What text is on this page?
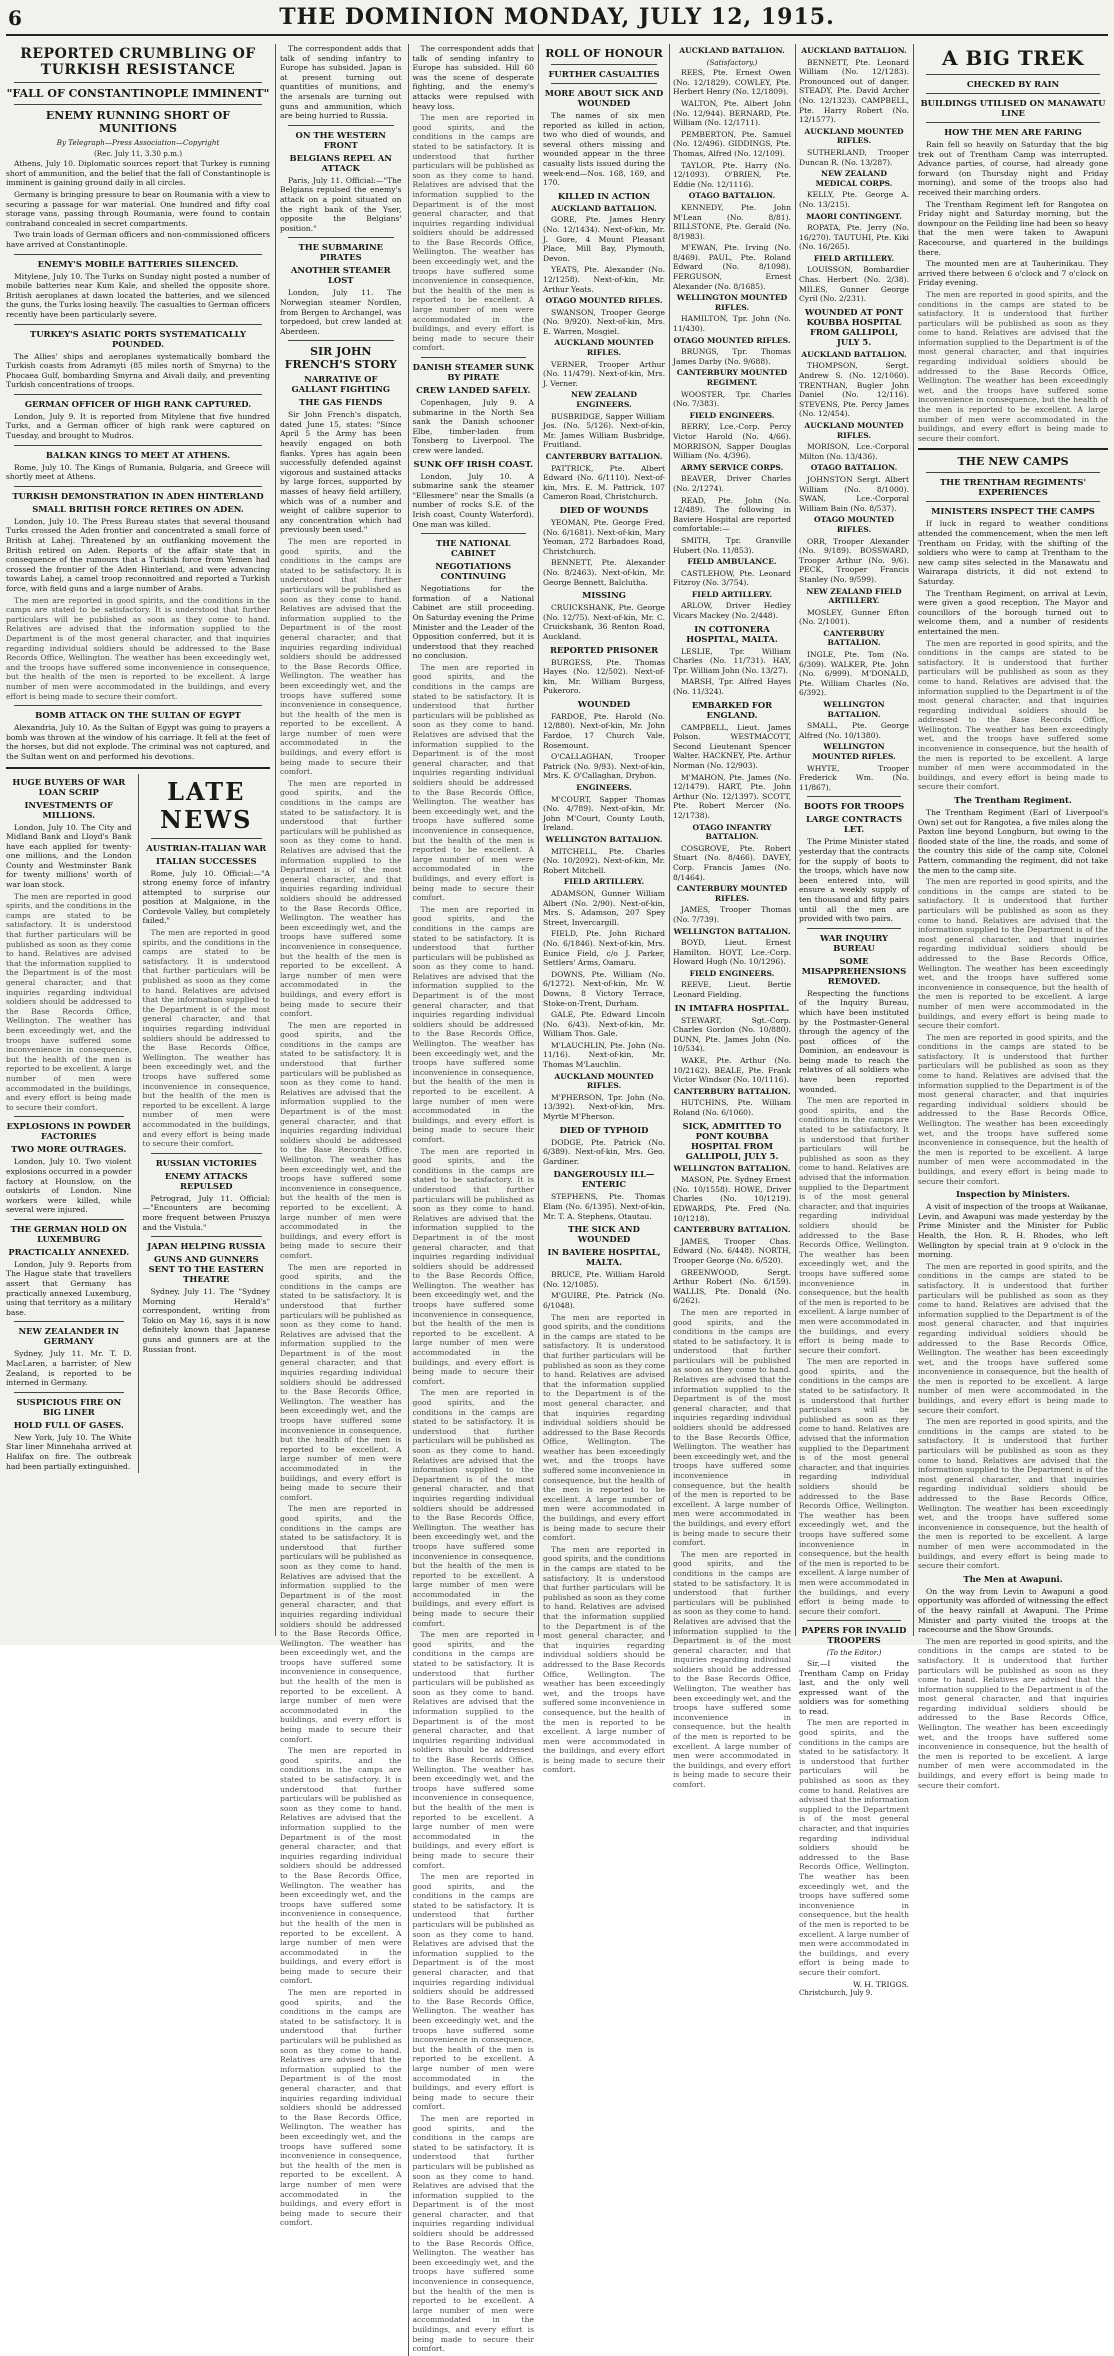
6	THE DOMINION MONDAY, JULY 12, 1915.
REPORTED CRUMBLING OF TURKISH RESISTANCE
"FALL OF CONSTANTINOPLE IMMINENT"
ENEMY RUNNING SHORT OF MUNITIONS
By Telegraph—Press Association—Copyright
(Rec. July 11, 3.30 p.m.)

Athens, July 10. Diplomatic sources report that Turkey is running short of ammunition, and the belief that the fall of Constantinople is imminent is gaining ground daily in all circles.

Germany is bringing pressure to bear on Roumania with a view to securing a passage for war material. One hundred and fifty coal storage vans, passing through Roumania, were found to contain contraband concealed in secret compartments.

Two train loads of German officers and non-commissioned officers have arrived at Constantinople.

ENEMY'S MOBILE BATTERIES SILENCED.

Mitylene, July 10. The Turks on Sunday night posted a number of mobile batteries near Kum Kale, and shelled the opposite shore. British aeroplanes at dawn located the batteries, and we silenced the guns, the Turks losing heavily. The casualties to German officers recently have been particularly severe.

TURKEY'S ASIATIC PORTS SYSTEMATICALLY POUNDED.

The Allies' ships and aeroplanes systematically bombard the Turkish coasts from Adramyti (85 miles north of Smyrna) to the Phocaea Gulf, bombarding Smyrna and Aivali daily, and preventing Turkish concentrations of troops.

GERMAN OFFICER OF HIGH RANK CAPTURED.

London, July 9. It is reported from Mitylene that five hundred Turks, and a German officer of high rank were captured on Tuesday, and brought to Mudros.

BALKAN KINGS TO MEET AT ATHENS.

Rome, July 10. The Kings of Rumania, Bulgaria, and Greece will shortly meet at Athens.

TURKISH DEMONSTRATION IN ADEN HINTERLAND
SMALL BRITISH FORCE RETIRES ON ADEN.

London, July 10. The Press Bureau states that several thousand Turks crossed the Aden frontier and concentrated a small force of British at Lahej. Threatened by an outflanking movement the British retired on Aden. Reports of the affair state that in consequence of the rumours that a Turkish force from Yemen had crossed the frontier of the Aden Hinterland, and were advancing towards Lahej, a camel troop reconnoitred and reported a Turkish force, with field guns and a large number of Arabs.

The men are reported in good spirits, and the conditions in the camps are stated to be satisfactory. It is understood that further particulars will be published as soon as they come to hand. Relatives are advised that the information supplied to the Department is of the most general character, and that inquiries regarding individual soldiers should be addressed to the Base Records Office, Wellington. The weather has been exceedingly wet, and the troops have suffered some inconvenience in consequence, but the health of the men is reported to be excellent. A large number of men were accommodated in the buildings, and every effort is being made to secure their comfort.

BOMB ATTACK ON THE SULTAN OF EGYPT

Alexandria, July 10. As the Sultan of Egypt was going to prayers a bomb was thrown at the window of his carriage. It fell at the feet of the horses, but did not explode. The criminal was not captured, and the Sultan went on and performed his devotions.

HUGE BUYERS OF WAR LOAN SCRIP
INVESTMENTS OF MILLIONS.

London, July 10. The City and Midland Bank and Lloyd's Bank have each applied for twenty-one millions, and the London County and Westminster Bank for twenty millions' worth of war loan stock.

The men are reported in good spirits, and the conditions in the camps are stated to be satisfactory. It is understood that further particulars will be published as soon as they come to hand. Relatives are advised that the information supplied to the Department is of the most general character, and that inquiries regarding individual soldiers should be addressed to the Base Records Office, Wellington. The weather has been exceedingly wet, and the troops have suffered some inconvenience in consequence, but the health of the men is reported to be excellent. A large number of men were accommodated in the buildings, and every effort is being made to secure their comfort.

EXPLOSIONS IN POWDER FACTORIES
TWO MORE OUTRAGES.

London, July 10. Two violent explosions occurred in a powder factory at Hounslow, on the outskirts of London. Nine workers were killed, while several were injured.

THE GERMAN HOLD ON LUXEMBURG
PRACTICALLY ANNEXED.

London, July 9. Reports from The Hague state that travellers assert that Germany has practically annexed Luxemburg, using that territory as a military base.

NEW ZEALANDER IN GERMANY

Sydney, July 11. Mr. T. D. MacLaren, a barrister, of New Zealand, is reported to be interned in Germany.

SUSPICIOUS FIRE ON BIG LINER
HOLD FULL OF GASES.

New York, July 10. The White Star liner Minnehaha arrived at Halifax on fire. The outbreak had been partially extinguished.

LATE NEWS
AUSTRIAN-ITALIAN WAR
ITALIAN SUCCESSES

Rome, July 10. Official:—"A strong enemy force of infantry attempted to surprise our position at Malgaione, in the Cordevole Valley, but completely failed."

The men are reported in good spirits, and the conditions in the camps are stated to be satisfactory. It is understood that further particulars will be published as soon as they come to hand. Relatives are advised that the information supplied to the Department is of the most general character, and that inquiries regarding individual soldiers should be addressed to the Base Records Office, Wellington. The weather has been exceedingly wet, and the troops have suffered some inconvenience in consequence, but the health of the men is reported to be excellent. A large number of men were accommodated in the buildings, and every effort is being made to secure their comfort.

RUSSIAN VICTORIES
ENEMY ATTACKS REPULSED

Petrograd, July 11. Official:—"Encounters are becoming more frequent between Pruszya and the Vistula."

JAPAN HELPING RUSSIA
GUNS AND GUNNERS SENT TO THE EASTERN THEATRE

Sydney, July 11. The "Sydney Morning Herald's" correspondent, writing from Tokio on May 16, says it is now definitely known that Japanese guns and gunners are at the Russian front.

The correspondent adds that talk of sending infantry to Europe has subsided. Japan is at present turning out quantities of munitions, and the arsenals are turning out guns and ammunition, which are being hurried to Russia.

ON THE WESTERN FRONT
BELGIANS REPEL AN ATTACK

Paris, July 11. Official:—"The Belgians repulsed the enemy's attack on a point situated on the right bank of the Yser, opposite the Belgians' position."

THE SUBMARINE PIRATES
ANOTHER STEAMER LOST

London, July 11. The Norwegian steamer Nordlen, from Bergen to Archangel, was torpedoed, but crew landed at Aberdeen.

SIR JOHN FRENCH'S STORY
NARRATIVE OF GALLANT FIGHTING
THE GAS FIENDS

Sir John French's dispatch, dated June 15, states: "Since April 5 the Army has been heavily engaged on both flanks. Ypres has again been successfully defended against vigorous and sustained attacks by large forces, supported by masses of heavy field artillery, which was of a number and weight of calibre superior to any concentration which had previously been used."

The men are reported in good spirits, and the conditions in the camps are stated to be satisfactory. It is understood that further particulars will be published as soon as they come to hand. Relatives are advised that the information supplied to the Department is of the most general character, and that inquiries regarding individual soldiers should be addressed to the Base Records Office, Wellington. The weather has been exceedingly wet, and the troops have suffered some inconvenience in consequence, but the health of the men is reported to be excellent. A large number of men were accommodated in the buildings, and every effort is being made to secure their comfort.

The men are reported in good spirits, and the conditions in the camps are stated to be satisfactory. It is understood that further particulars will be published as soon as they come to hand. Relatives are advised that the information supplied to the Department is of the most general character, and that inquiries regarding individual soldiers should be addressed to the Base Records Office, Wellington. The weather has been exceedingly wet, and the troops have suffered some inconvenience in consequence, but the health of the men is reported to be excellent. A large number of men were accommodated in the buildings, and every effort is being made to secure their comfort.

The men are reported in good spirits, and the conditions in the camps are stated to be satisfactory. It is understood that further particulars will be published as soon as they come to hand. Relatives are advised that the information supplied to the Department is of the most general character, and that inquiries regarding individual soldiers should be addressed to the Base Records Office, Wellington. The weather has been exceedingly wet, and the troops have suffered some inconvenience in consequence, but the health of the men is reported to be excellent. A large number of men were accommodated in the buildings, and every effort is being made to secure their comfort.

The men are reported in good spirits, and the conditions in the camps are stated to be satisfactory. It is understood that further particulars will be published as soon as they come to hand. Relatives are advised that the information supplied to the Department is of the most general character, and that inquiries regarding individual soldiers should be addressed to the Base Records Office, Wellington. The weather has been exceedingly wet, and the troops have suffered some inconvenience in consequence, but the health of the men is reported to be excellent. A large number of men were accommodated in the buildings, and every effort is being made to secure their comfort.

The men are reported in good spirits, and the conditions in the camps are stated to be satisfactory. It is understood that further particulars will be published as soon as they come to hand. Relatives are advised that the information supplied to the Department is of the most general character, and that inquiries regarding individual soldiers should be addressed to the Base Records Office, Wellington. The weather has been exceedingly wet, and the troops have suffered some inconvenience in consequence, but the health of the men is reported to be excellent. A large number of men were accommodated in the buildings, and every effort is being made to secure their comfort.

The men are reported in good spirits, and the conditions in the camps are stated to be satisfactory. It is understood that further particulars will be published as soon as they come to hand. Relatives are advised that the information supplied to the Department is of the most general character, and that inquiries regarding individual soldiers should be addressed to the Base Records Office, Wellington. The weather has been exceedingly wet, and the troops have suffered some inconvenience in consequence, but the health of the men is reported to be excellent. A large number of men were accommodated in the buildings, and every effort is being made to secure their comfort.

The men are reported in good spirits, and the conditions in the camps are stated to be satisfactory. It is understood that further particulars will be published as soon as they come to hand. Relatives are advised that the information supplied to the Department is of the most general character, and that inquiries regarding individual soldiers should be addressed to the Base Records Office, Wellington. The weather has been exceedingly wet, and the troops have suffered some inconvenience in consequence, but the health of the men is reported to be excellent. A large number of men were accommodated in the buildings, and every effort is being made to secure their comfort.

The correspondent adds that talk of sending infantry to Europe has subsided. Hill 60 was the scene of desperate fighting, and the enemy's attacks were repulsed with heavy loss.

The men are reported in good spirits, and the conditions in the camps are stated to be satisfactory. It is understood that further particulars will be published as soon as they come to hand. Relatives are advised that the information supplied to the Department is of the most general character, and that inquiries regarding individual soldiers should be addressed to the Base Records Office, Wellington. The weather has been exceedingly wet, and the troops have suffered some inconvenience in consequence, but the health of the men is reported to be excellent. A large number of men were accommodated in the buildings, and every effort is being made to secure their comfort.

DANISH STEAMER SUNK BY PIRATE
CREW LANDED SAFELY.

Copenhagen, July 9. A submarine in the North Sea sank the Danish schooner Elbe, timber-laden from Tonsberg to Liverpool. The crew were landed.

SUNK OFF IRISH COAST.

London, July 10. A submarine sank the steamer "Ellesmere" near the Smalls (a number of rocks S.E. of the Irish coast, County Waterford). One man was killed.

THE NATIONAL CABINET
NEGOTIATIONS CONTINUING

Negotiations for the formation of a National Cabinet are still proceeding. On Saturday evening the Prime Minister and the Leader of the Opposition conferred, but it is understood that they reached no conclusion.

The men are reported in good spirits, and the conditions in the camps are stated to be satisfactory. It is understood that further particulars will be published as soon as they come to hand. Relatives are advised that the information supplied to the Department is of the most general character, and that inquiries regarding individual soldiers should be addressed to the Base Records Office, Wellington. The weather has been exceedingly wet, and the troops have suffered some inconvenience in consequence, but the health of the men is reported to be excellent. A large number of men were accommodated in the buildings, and every effort is being made to secure their comfort.

The men are reported in good spirits, and the conditions in the camps are stated to be satisfactory. It is understood that further particulars will be published as soon as they come to hand. Relatives are advised that the information supplied to the Department is of the most general character, and that inquiries regarding individual soldiers should be addressed to the Base Records Office, Wellington. The weather has been exceedingly wet, and the troops have suffered some inconvenience in consequence, but the health of the men is reported to be excellent. A large number of men were accommodated in the buildings, and every effort is being made to secure their comfort.

The men are reported in good spirits, and the conditions in the camps are stated to be satisfactory. It is understood that further particulars will be published as soon as they come to hand. Relatives are advised that the information supplied to the Department is of the most general character, and that inquiries regarding individual soldiers should be addressed to the Base Records Office, Wellington. The weather has been exceedingly wet, and the troops have suffered some inconvenience in consequence, but the health of the men is reported to be excellent. A large number of men were accommodated in the buildings, and every effort is being made to secure their comfort.

The men are reported in good spirits, and the conditions in the camps are stated to be satisfactory. It is understood that further particulars will be published as soon as they come to hand. Relatives are advised that the information supplied to the Department is of the most general character, and that inquiries regarding individual soldiers should be addressed to the Base Records Office, Wellington. The weather has been exceedingly wet, and the troops have suffered some inconvenience in consequence, but the health of the men is reported to be excellent. A large number of men were accommodated in the buildings, and every effort is being made to secure their comfort.

The men are reported in good spirits, and the conditions in the camps are stated to be satisfactory. It is understood that further particulars will be published as soon as they come to hand. Relatives are advised that the information supplied to the Department is of the most general character, and that inquiries regarding individual soldiers should be addressed to the Base Records Office, Wellington. The weather has been exceedingly wet, and the troops have suffered some inconvenience in consequence, but the health of the men is reported to be excellent. A large number of men were accommodated in the buildings, and every effort is being made to secure their comfort.

The men are reported in good spirits, and the conditions in the camps are stated to be satisfactory. It is understood that further particulars will be published as soon as they come to hand. Relatives are advised that the information supplied to the Department is of the most general character, and that inquiries regarding individual soldiers should be addressed to the Base Records Office, Wellington. The weather has been exceedingly wet, and the troops have suffered some inconvenience in consequence, but the health of the men is reported to be excellent. A large number of men were accommodated in the buildings, and every effort is being made to secure their comfort.

The men are reported in good spirits, and the conditions in the camps are stated to be satisfactory. It is understood that further particulars will be published as soon as they come to hand. Relatives are advised that the information supplied to the Department is of the most general character, and that inquiries regarding individual soldiers should be addressed to the Base Records Office, Wellington. The weather has been exceedingly wet, and the troops have suffered some inconvenience in consequence, but the health of the men is reported to be excellent. A large number of men were accommodated in the buildings, and every effort is being made to secure their comfort.

ROLL OF HONOUR
FURTHER CASUALTIES
MORE ABOUT SICK AND WOUNDED

The names of six men reported as killed in action, two who died of wounds, and several others missing and wounded appear in the three casualty lists issued during the week-end—Nos. 168, 169, and 170.

KILLED IN ACTION
AUCKLAND BATTALION.

GORE, Pte. James Henry (No. 12/1434). Next-of-kin, Mr. J. Gore, 4 Mount Pleasant Place, Mill Bay, Plymouth, Devon.

YEATS, Pte. Alexander (No. 12/1258). Next-of-kin, Mr. Arthur Yeats.

OTAGO MOUNTED RIFLES.

SWANSON, Trooper George (No. 9/920). Next-of-kin, Mrs. E. Warren, Mosgiel.

AUCKLAND MOUNTED RIFLES.

VERNER, Trooper Arthur (No. 11/479). Next-of-kin, Mrs. J. Verner.

NEW ZEALAND ENGINEERS.

BUSBRIDGE, Sapper William Jos. (No. 5/126). Next-of-kin, Mr. James William Busbridge, Fruitland.

CANTERBURY BATTALION.

PATTRICK, Pte. Albert Edward (No. 6/1110). Next-of-kin, Mrs. E. M. Pattrick, 107 Cameron Road, Christchurch.

DIED OF WOUNDS

YEOMAN, Pte. George Fred. (No. 6/1681). Next-of-kin, Mary Yeoman, 272 Barbadoes Road, Christchurch.

BENNETT, Pte. Alexander (No. 8/2463). Next-of-kin, Mr. George Bennett, Balclutha.

MISSING

CRUICKSHANK, Pte. George (No. 12/75). Next-of-kin, Mr. C. Cruickshank, 36 Renton Road, Auckland.

REPORTED PRISONER

BURGESS, Pte. Thomas Hayes (No. 12/502). Next-of-kin, Mr. William Burgess, Pukeroro.

WOUNDED

FARDOE, Pte. Harold (No. 12/880). Next-of-kin, Mr. John Fardoe, 17 Church Vale, Rosemount.

O'CALLAGHAN, Trooper Patrick (No. 9/93). Next-of-kin, Mrs. K. O'Callaghan, Drybon.

ENGINEERS.

M'COURT, Sapper Thomas (No. 4/789). Next-of-kin, Mr. John M'Court, County Louth, Ireland.

WELLINGTON BATTALION.

MITCHELL, Pte. Charles (No. 10/2092). Next-of-kin, Mr. Robert Mitchell.

FIELD ARTILLERY.

ADAMSON, Gunner William Albert (No. 2/90). Next-of-kin, Mrs. S. Adamson, 207 Spey Street, Invercargill.

FIELD, Pte. John Richard (No. 6/1846). Next-of-kin, Mrs. Eunice Field, c/o J. Parker, Settlers' Arms, Oamaru.

DOWNS, Pte. William (No. 6/1272). Next-of-kin, Mr. W. Downs, 8 Victory Terrace, Stoke-on-Trent, Durham.

GALE, Pte. Edward Lincoln (No. 6/43). Next-of-kin, Mr. William Thos. Gale.

M'LAUCHLIN, Pte. John (No. 11/16). Next-of-kin, Mr. Thomas M'Lauchlin.

AUCKLAND MOUNTED RIFLES.

M'PHERSON, Tpr. John (No. 13/392). Next-of-kin, Mrs. Myrtle M'Pherson.

DIED OF TYPHOID

DODGE, Pte. Patrick (No. 6/389). Next-of-kin, Mrs. Geo. Gardiner.

DANGEROUSLY ILL—ENTERIC

STEPHENS, Pte. Thomas Elam (No. 6/1395). Next-of-kin, Mr. T. A. Stephens, Otautau.

THE SICK AND WOUNDED
IN BAVIERE HOSPITAL, MALTA.

BRUCE, Pte. William Harold (No. 12/1085).

M'GUIRE, Pte. Patrick (No. 6/1048).

The men are reported in good spirits, and the conditions in the camps are stated to be satisfactory. It is understood that further particulars will be published as soon as they come to hand. Relatives are advised that the information supplied to the Department is of the most general character, and that inquiries regarding individual soldiers should be addressed to the Base Records Office, Wellington. The weather has been exceedingly wet, and the troops have suffered some inconvenience in consequence, but the health of the men is reported to be excellent. A large number of men were accommodated in the buildings, and every effort is being made to secure their comfort.

The men are reported in good spirits, and the conditions in the camps are stated to be satisfactory. It is understood that further particulars will be published as soon as they come to hand. Relatives are advised that the information supplied to the Department is of the most general character, and that inquiries regarding individual soldiers should be addressed to the Base Records Office, Wellington. The weather has been exceedingly wet, and the troops have suffered some inconvenience in consequence, but the health of the men is reported to be excellent. A large number of men were accommodated in the buildings, and every effort is being made to secure their comfort.

AUCKLAND BATTALION.
(Satisfactory.)

REES, Pte. Ernest Owen (No. 12/1829). COWLEY, Pte. Herbert Henry (No. 12/1809).

WALTON, Pte. Albert John (No. 12/944). BERNARD, Pte. William (No. 12/1711).

PEMBERTON, Pte. Samuel (No. 12/496). GIDDINGS, Pte. Thomas, Alfred (No. 12/109).

TAYLOR, Pte. Harry (No. 12/1093). O'BRIEN, Pte. Eddie (No. 12/1116).

OTAGO BATTALION.

KENNEDY, Pte. John M'Lean (No. 8/81). RILLSTONE, Pte. Gerald (No. 8/1983).

M'EWAN, Pte. Irving (No. 8/469). PAUL, Pte. Roland Edward (No. 8/1098). FERGUSON, Ernest Alexander (No. 8/1685).

WELLINGTON MOUNTED RIFLES.

HAMILTON, Tpr. John (No. 11/430).

OTAGO MOUNTED RIFLES.

BRUNGS, Tpr. Thomas James Darby (No. 9/688).

CANTERBURY MOUNTED REGIMENT.

WOOSTER, Tpr. Charles (No. 7/383).

FIELD ENGINEERS.

BERRY, Lce.-Corp. Percy Victor Harold (No. 4/66). MORRISON, Sapper Douglas William (No. 4/396).

ARMY SERVICE CORPS.

BEAVER, Driver Charles (No. 2/1274).

READ, Pte. John (No. 12/489). The following in Baviere Hospital are reported comfortable:—

SMITH, Tpr. Granville Hubert (No. 11/853).

FIELD AMBULANCE.

CASTLEHOW, Pte. Leonard Fitzroy (No. 3/754).

FIELD ARTILLERY.

ARLOW, Driver Hedley Vicars Mackey (No. 2/448).

IN COTTONERA HOSPITAL, MALTA.

LESLIE, Tpr. William Charles (No. 11/731). HAY, Tpr. William John (No. 13/27).

MARSH, Tpr. Alfred Hayes (No. 11/324).

EMBARKED FOR ENGLAND.

CAMPBELL, Lieut. James Polson. WESTMACOTT, Second Lieutenant Spencer Walter. HACKNEY, Pte. Arthur Norman (No. 12/903).

M'MAHON, Pte. James (No. 12/1479). HART, Pte. John Arthur (No. 12/1397). SCOTT, Pte. Robert Mercer (No. 12/1738).

OTAGO INFANTRY BATTALION.

COSGROVE, Pte. Robert Stuart (No. 8/466). DAVEY, Corp. Francis James (No. 8/1464).

CANTERBURY MOUNTED RIFLES.

JAMES, Trooper Thomas (No. 7/739).

WELLINGTON BATTALION.

BOYD, Lieut. Ernest Hamilton. HOYT, Lce.-Corp. Howard Hugh (No. 10/1296).

FIELD ENGINEERS.

REEVE, Lieut. Bertie Leonard Fielding.

IN IMTAFRA HOSPITAL.

STEWART, Sgt.-Corp. Charles Gordon (No. 10/880). DUNN, Pte. James John (No. 10/534).

WAKE, Pte. Arthur (No. 10/2162). BEALE, Pte. Frank Victor Windsor (No. 10/1116).

CANTERBURY BATTALION.

HUTCHINS, Pte. William Roland (No. 6/1060).

SICK, ADMITTED TO PONT KOUBBA HOSPITAL FROM GALLIPOLI, JULY 5.
WELLINGTON BATTALION.

MASON, Pte. Sydney Ernest (No. 10/1558). HOWE, Driver Charles (No. 10/1219). EDWARDS, Pte. Fred (No. 10/1218).

CANTERBURY BATTALION.

JAMES, Trooper Chas. Edward (No. 6/448). NORTH, Trooper George (No. 6/520).

GREENWOOD, Sergt. Arthur Robert (No. 6/159). WALLIS, Pte. Donald (No. 6/262).

The men are reported in good spirits, and the conditions in the camps are stated to be satisfactory. It is understood that further particulars will be published as soon as they come to hand. Relatives are advised that the information supplied to the Department is of the most general character, and that inquiries regarding individual soldiers should be addressed to the Base Records Office, Wellington. The weather has been exceedingly wet, and the troops have suffered some inconvenience in consequence, but the health of the men is reported to be excellent. A large number of men were accommodated in the buildings, and every effort is being made to secure their comfort.

The men are reported in good spirits, and the conditions in the camps are stated to be satisfactory. It is understood that further particulars will be published as soon as they come to hand. Relatives are advised that the information supplied to the Department is of the most general character, and that inquiries regarding individual soldiers should be addressed to the Base Records Office, Wellington. The weather has been exceedingly wet, and the troops have suffered some inconvenience in consequence, but the health of the men is reported to be excellent. A large number of men were accommodated in the buildings, and every effort is being made to secure their comfort.

AUCKLAND BATTALION.

BENNETT, Pte. Leonard William (No. 12/1283). Pronounced out of danger. STEADY, Pte. David Archer (No. 12/1323). CAMPBELL, Pte. Harry Robert (No. 12/1577).

AUCKLAND MOUNTED RIFLES.

SUTHERLAND, Trooper Duncan R. (No. 13/287).

NEW ZEALAND MEDICAL CORPS.

KELLY, Pte. George A. (No. 13/215).

MAORI CONTINGENT.

ROPATA, Pte. Jerry (No. 16/270). TAUTUHI, Pte. Kiki (No. 16/265).

FIELD ARTILLERY.

LOUISSON, Bombardier Chas. Herbert (No. 2/38). MILES, Gunner George Cyril (No. 2/231).

WOUNDED AT PONT KOUBBA HOSPITAL FROM GALLIPOLI, JULY 5.
AUCKLAND BATTALION.

THOMPSON, Sergt. Andrew S. (No. 12/1060). TRENTHAN, Bugler John Daniel (No. 12/116). STEVENS, Pte. Percy James (No. 12/454).

AUCKLAND MOUNTED RIFLES.

MORISON, Lce.-Corporal Milton (No. 13/436).

OTAGO BATTALION.

JOHNSTON Sergt. Albert William (No. 8/1000). SWAN, Lce.-Corporal William Bain (No. 8/537).

OTAGO MOUNTED RIFLES.

ORR, Trooper Alexander (No. 9/189). BOSSWARD, Trooper Arthur (No. 9/6). PECK, Trooper Francis Stanley (No. 9/599).

NEW ZEALAND FIELD ARTILLERY.

MOSLEY, Gunner Efton (No. 2/1001).

CANTERBURY BATTALION.

INGLE, Pte. Tom (No. 6/309). WALKER, Pte. John (No. 6/999). M'DONALD, Pte. William Charles (No. 6/392).

WELLINGTON BATTALION.

SMALL, Pte. George Alfred (No. 10/1380).

WELLINGTON MOUNTED RIFLES.

WHYTE, Trooper Frederick Wm. (No. 11/867).

BOOTS FOR TROOPS
LARGE CONTRACTS LET.

The Prime Minister stated yesterday that the contracts for the supply of boots to the troops, which have now been entered into, will ensure a weekly supply of ten thousand and fifty pairs until all the men are provided with two pairs.

WAR INQUIRY BUREAU
SOME MISAPPREHENSIONS REMOVED.

Respecting the functions of the Inquiry Bureau, which have been instituted by the Postmaster-General through the agency of the post offices of the Dominion, an endeavour is being made to reach the relatives of all soldiers who have been reported wounded.

The men are reported in good spirits, and the conditions in the camps are stated to be satisfactory. It is understood that further particulars will be published as soon as they come to hand. Relatives are advised that the information supplied to the Department is of the most general character, and that inquiries regarding individual soldiers should be addressed to the Base Records Office, Wellington. The weather has been exceedingly wet, and the troops have suffered some inconvenience in consequence, but the health of the men is reported to be excellent. A large number of men were accommodated in the buildings, and every effort is being made to secure their comfort.

The men are reported in good spirits, and the conditions in the camps are stated to be satisfactory. It is understood that further particulars will be published as soon as they come to hand. Relatives are advised that the information supplied to the Department is of the most general character, and that inquiries regarding individual soldiers should be addressed to the Base Records Office, Wellington. The weather has been exceedingly wet, and the troops have suffered some inconvenience in consequence, but the health of the men is reported to be excellent. A large number of men were accommodated in the buildings, and every effort is being made to secure their comfort.

PAPERS FOR INVALID TROOPERS
(To the Editor.)

Sir,—I visited the Trentham Camp on Friday last, and the only well expressed want of the soldiers was for something to read.

The men are reported in good spirits, and the conditions in the camps are stated to be satisfactory. It is understood that further particulars will be published as soon as they come to hand. Relatives are advised that the information supplied to the Department is of the most general character, and that inquiries regarding individual soldiers should be addressed to the Base Records Office, Wellington. The weather has been exceedingly wet, and the troops have suffered some inconvenience in consequence, but the health of the men is reported to be excellent. A large number of men were accommodated in the buildings, and every effort is being made to secure their comfort.

W. H. TRIGGS.
Christchurch, July 9.
A BIG TREK
CHECKED BY RAIN
BUILDINGS UTILISED ON MANAWATU LINE
HOW THE MEN ARE FARING

Rain fell so heavily on Saturday that the big trek out of Trentham Camp was interrupted. Advance parties, of course, had already gone forward (on Thursday night and Friday morning), and some of the troops also had received their marching orders.

The Trentham Regiment left for Rangotea on Friday night and Saturday morning, but the downpour on the Feilding line had been so heavy that the men were taken to Awapuni Racecourse, and quartered in the buildings there.

The mounted men are at Tauherinikau. They arrived there between 6 o'clock and 7 o'clock on Friday evening.

The men are reported in good spirits, and the conditions in the camps are stated to be satisfactory. It is understood that further particulars will be published as soon as they come to hand. Relatives are advised that the information supplied to the Department is of the most general character, and that inquiries regarding individual soldiers should be addressed to the Base Records Office, Wellington. The weather has been exceedingly wet, and the troops have suffered some inconvenience in consequence, but the health of the men is reported to be excellent. A large number of men were accommodated in the buildings, and every effort is being made to secure their comfort.

THE NEW CAMPS
THE TRENTHAM REGIMENTS' EXPERIENCES
MINISTERS INSPECT THE CAMPS

If luck in regard to weather conditions attended the commencement, when the men left Trentham on Friday, with the shifting of the soldiers who were to camp at Trentham to the new camp sites selected in the Manawatu and Wairarapa districts, it did not extend to Saturday.

The Trentham Regiment, on arrival at Levin, were given a good reception. The Mayor and councillors of the borough turned out to welcome them, and a number of residents entertained the men.

The men are reported in good spirits, and the conditions in the camps are stated to be satisfactory. It is understood that further particulars will be published as soon as they come to hand. Relatives are advised that the information supplied to the Department is of the most general character, and that inquiries regarding individual soldiers should be addressed to the Base Records Office, Wellington. The weather has been exceedingly wet, and the troops have suffered some inconvenience in consequence, but the health of the men is reported to be excellent. A large number of men were accommodated in the buildings, and every effort is being made to secure their comfort.

The Trentham Regiment.

The Trentham Regiment (Earl of Liverpool's Own) set out for Rangotea, a five miles along the Paxton line beyond Longburn, but owing to the flooded state of the line, the roads, and some of the country this side of the camp site, Colonel Pattern, commanding the regiment, did not take the men to the camp site.

The men are reported in good spirits, and the conditions in the camps are stated to be satisfactory. It is understood that further particulars will be published as soon as they come to hand. Relatives are advised that the information supplied to the Department is of the most general character, and that inquiries regarding individual soldiers should be addressed to the Base Records Office, Wellington. The weather has been exceedingly wet, and the troops have suffered some inconvenience in consequence, but the health of the men is reported to be excellent. A large number of men were accommodated in the buildings, and every effort is being made to secure their comfort.

The men are reported in good spirits, and the conditions in the camps are stated to be satisfactory. It is understood that further particulars will be published as soon as they come to hand. Relatives are advised that the information supplied to the Department is of the most general character, and that inquiries regarding individual soldiers should be addressed to the Base Records Office, Wellington. The weather has been exceedingly wet, and the troops have suffered some inconvenience in consequence, but the health of the men is reported to be excellent. A large number of men were accommodated in the buildings, and every effort is being made to secure their comfort.

Inspection by Ministers.

A visit of inspection of the troops at Waikanae, Levin, and Awapuni was made yesterday by the Prime Minister and the Minister for Public Health, the Hon. R. H. Rhodes, who left Wellington by special train at 9 o'clock in the morning.

The men are reported in good spirits, and the conditions in the camps are stated to be satisfactory. It is understood that further particulars will be published as soon as they come to hand. Relatives are advised that the information supplied to the Department is of the most general character, and that inquiries regarding individual soldiers should be addressed to the Base Records Office, Wellington. The weather has been exceedingly wet, and the troops have suffered some inconvenience in consequence, but the health of the men is reported to be excellent. A large number of men were accommodated in the buildings, and every effort is being made to secure their comfort.

The men are reported in good spirits, and the conditions in the camps are stated to be satisfactory. It is understood that further particulars will be published as soon as they come to hand. Relatives are advised that the information supplied to the Department is of the most general character, and that inquiries regarding individual soldiers should be addressed to the Base Records Office, Wellington. The weather has been exceedingly wet, and the troops have suffered some inconvenience in consequence, but the health of the men is reported to be excellent. A large number of men were accommodated in the buildings, and every effort is being made to secure their comfort.

The Men at Awapuni.

On the way from Levin to Awapuni a good opportunity was afforded of witnessing the effect of the heavy rainfall at Awapuni. The Prime Minister and party visited the troops at the racecourse and the Show Grounds.

The men are reported in good spirits, and the conditions in the camps are stated to be satisfactory. It is understood that further particulars will be published as soon as they come to hand. Relatives are advised that the information supplied to the Department is of the most general character, and that inquiries regarding individual soldiers should be addressed to the Base Records Office, Wellington. The weather has been exceedingly wet, and the troops have suffered some inconvenience in consequence, but the health of the men is reported to be excellent. A large number of men were accommodated in the buildings, and every effort is being made to secure their comfort.
